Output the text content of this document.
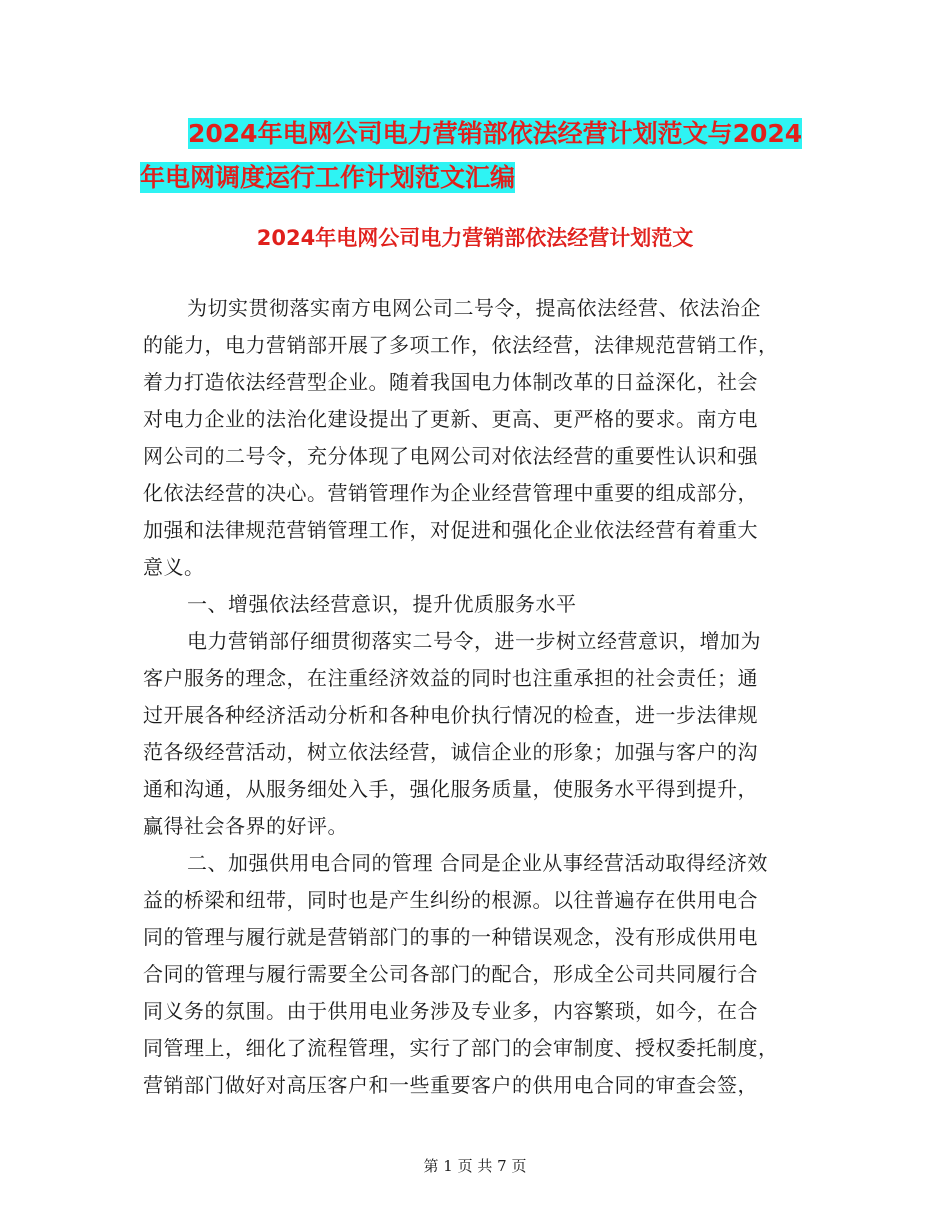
2024年电网公司电力营销部依法经营计划范文与2024
年电网调度运行工作计划范文汇编
2024年电网公司电力营销部依法经营计划范文
为切实贯彻落实南方电网公司二号令，提高依法经营、依法治企
的能力，电力营销部开展了多项工作，依法经营，法律规范营销工作，
着力打造依法经营型企业。随着我国电力体制改革的日益深化，社会
对电力企业的法治化建设提出了更新、更高、更严格的要求。南方电
网公司的二号令，充分体现了电网公司对依法经营的重要性认识和强
化依法经营的决心。营销管理作为企业经营管理中重要的组成部分，
加强和法律规范营销管理工作，对促进和强化企业依法经营有着重大
意义。
一、增强依法经营意识，提升优质服务水平
电力营销部仔细贯彻落实二号令，进一步树立经营意识，增加为
客户服务的理念，在注重经济效益的同时也注重承担的社会责任；通
过开展各种经济活动分析和各种电价执行情况的检查，进一步法律规
范各级经营活动，树立依法经营，诚信企业的形象；加强与客户的沟
通和沟通，从服务细处入手，强化服务质量，使服务水平得到提升，
赢得社会各界的好评。
二、加强供用电合同的管理 合同是企业从事经营活动取得经济效
益的桥梁和纽带，同时也是产生纠纷的根源。以往普遍存在供用电合
同的管理与履行就是营销部门的事的一种错误观念，没有形成供用电
合同的管理与履行需要全公司各部门的配合，形成全公司共同履行合
同义务的氛围。由于供用电业务涉及专业多，内容繁琐，如今，在合
同管理上，细化了流程管理，实行了部门的会审制度、授权委托制度，
营销部门做好对高压客户和一些重要客户的供用电合同的审查会签，
第 1 页 共 7 页
